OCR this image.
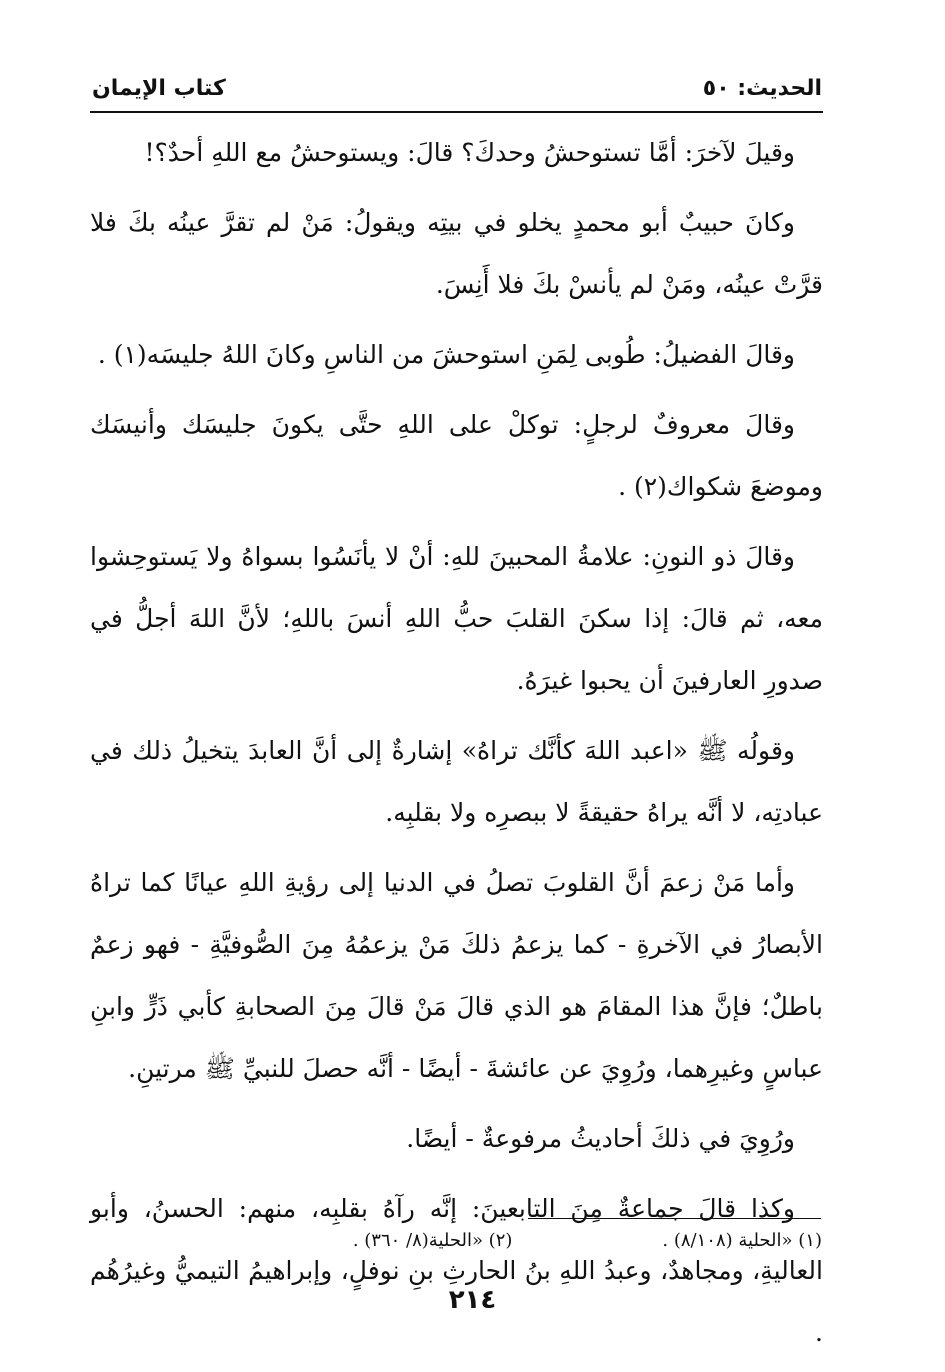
الحديث: ٥٠
كتاب الإيمان

وقيلَ لآخرَ: أمَّا تستوحشُ وحدكَ؟ قالَ: ويستوحشُ مع اللهِ أحدٌ؟!

وكانَ حبيبٌ أبو محمدٍ يخلو في بيتِه ويقولُ: مَنْ لم تقرَّ عينُه بكَ فلا قرَّتْ عينُه، ومَنْ لم يأنسْ بكَ فلا أَنِسَ.

وقالَ الفضيلُ: طُوبى لِمَنِ استوحشَ من الناسِ وكانَ اللهُ جليسَه(١) .

وقالَ معروفٌ لرجلٍ: توكلْ على اللهِ حتَّى يكونَ جليسَك وأنيسَك وموضعَ شكواك(٢) .

وقالَ ذو النونِ: علامةُ المحبينَ للهِ: أنْ لا يأنَسُوا بسواهُ ولا يَستوحِشوا معه، ثم قالَ: إذا سكنَ القلبَ حبُّ اللهِ أنسَ باللهِ؛ لأنَّ اللهَ أجلُّ في صدورِ العارفينَ أن يحبوا غيرَهُ.

وقولُه ﷺ «اعبد اللهَ كأنَّك تراهُ» إشارةٌ إلى أنَّ العابدَ يتخيلُ ذلك في عبادتِه، لا أنَّه يراهُ حقيقةً لا ببصرِه ولا بقلبِه.

وأما مَنْ زعمَ أنَّ القلوبَ تصلُ في الدنيا إلى رؤيةِ اللهِ عيانًا كما تراهُ الأبصارُ في الآخرةِ - كما يزعمُ ذلكَ مَنْ يزعمُهُ مِنَ الصُّوفيَّةِ - فهو زعمٌ باطلٌ؛ فإنَّ هذا المقامَ هو الذي قالَ مَنْ قالَ مِنَ الصحابةِ كأبي ذَرٍّ وابنِ عباسٍ وغيرِهما، ورُوِيَ عن عائشةَ - أيضًا - أنَّه حصلَ للنبيِّ ﷺ مرتينِ.

ورُوِيَ في ذلكَ أحاديثُ مرفوعةٌ - أيضًا.

وكذا قالَ جماعةٌ مِنَ التابعينَ: إنَّه رآهُ بقلبِه، منهم: الحسنُ، وأبو العاليةِ، ومجاهدٌ، وعبدُ اللهِ بنُ الحارثِ بنِ نوفلٍ، وإبراهيمُ التيميُّ وغيرُهُم .

(١) «الحلية (٨/١٠٨) .
(٢) «الحلية(٨/ ٣٦٠) .
٢١٤
